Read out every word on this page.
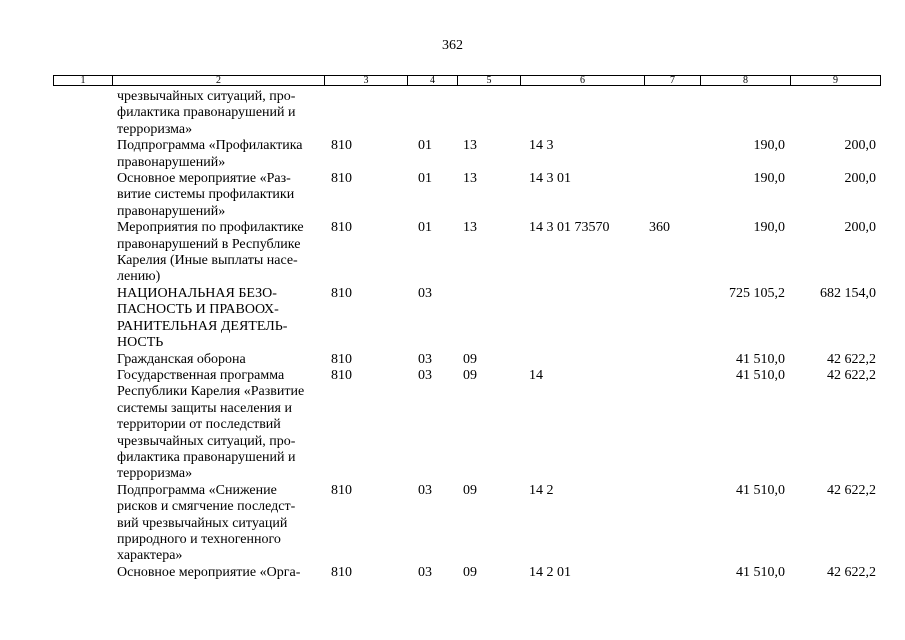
362
1	2	3	4	5	6	7	8	9
чрезвычайных ситуаций, про-
филактика правонарушений и
терроризма»
Подпрограмма «Профилактика
правонарушений»
810	01 13	14 3	190,0	200,0
Основное мероприятие «Раз-
витие системы профилактики
правонарушений»
810	01 13	14 3 01	190,0	200,0
Мероприятия по профилактике
правонарушений в Республике
Карелия (Иные выплаты насе-
лению)
810	01 13	14 3 01 73570	360	190,0	200,0
НАЦИОНАЛЬНАЯ БЕЗО-
ПАСНОСТЬ И ПРАВООХ-
РАНИТЕЛЬНАЯ ДЕЯТЕЛЬ-
НОСТЬ
810	03	725 105,2	682 154,0
Гражданская оборона	810	03 09	41 510,0	42 622,2
Государственная программа
Республики Карелия «Развитие
системы защиты населения и
территории от последствий
чрезвычайных ситуаций, про-
филактика правонарушений и
терроризма»
810	03 09	14	41 510,0	42 622,2
Подпрограмма «Снижение
рисков и смягчение последст-
вий чрезвычайных ситуаций
природного и техногенного
характера»
810	03 09	14 2	41 510,0	42 622,2
Основное мероприятие «Орга-	810	03 09	14 2 01	41 510,0	42 622,2
